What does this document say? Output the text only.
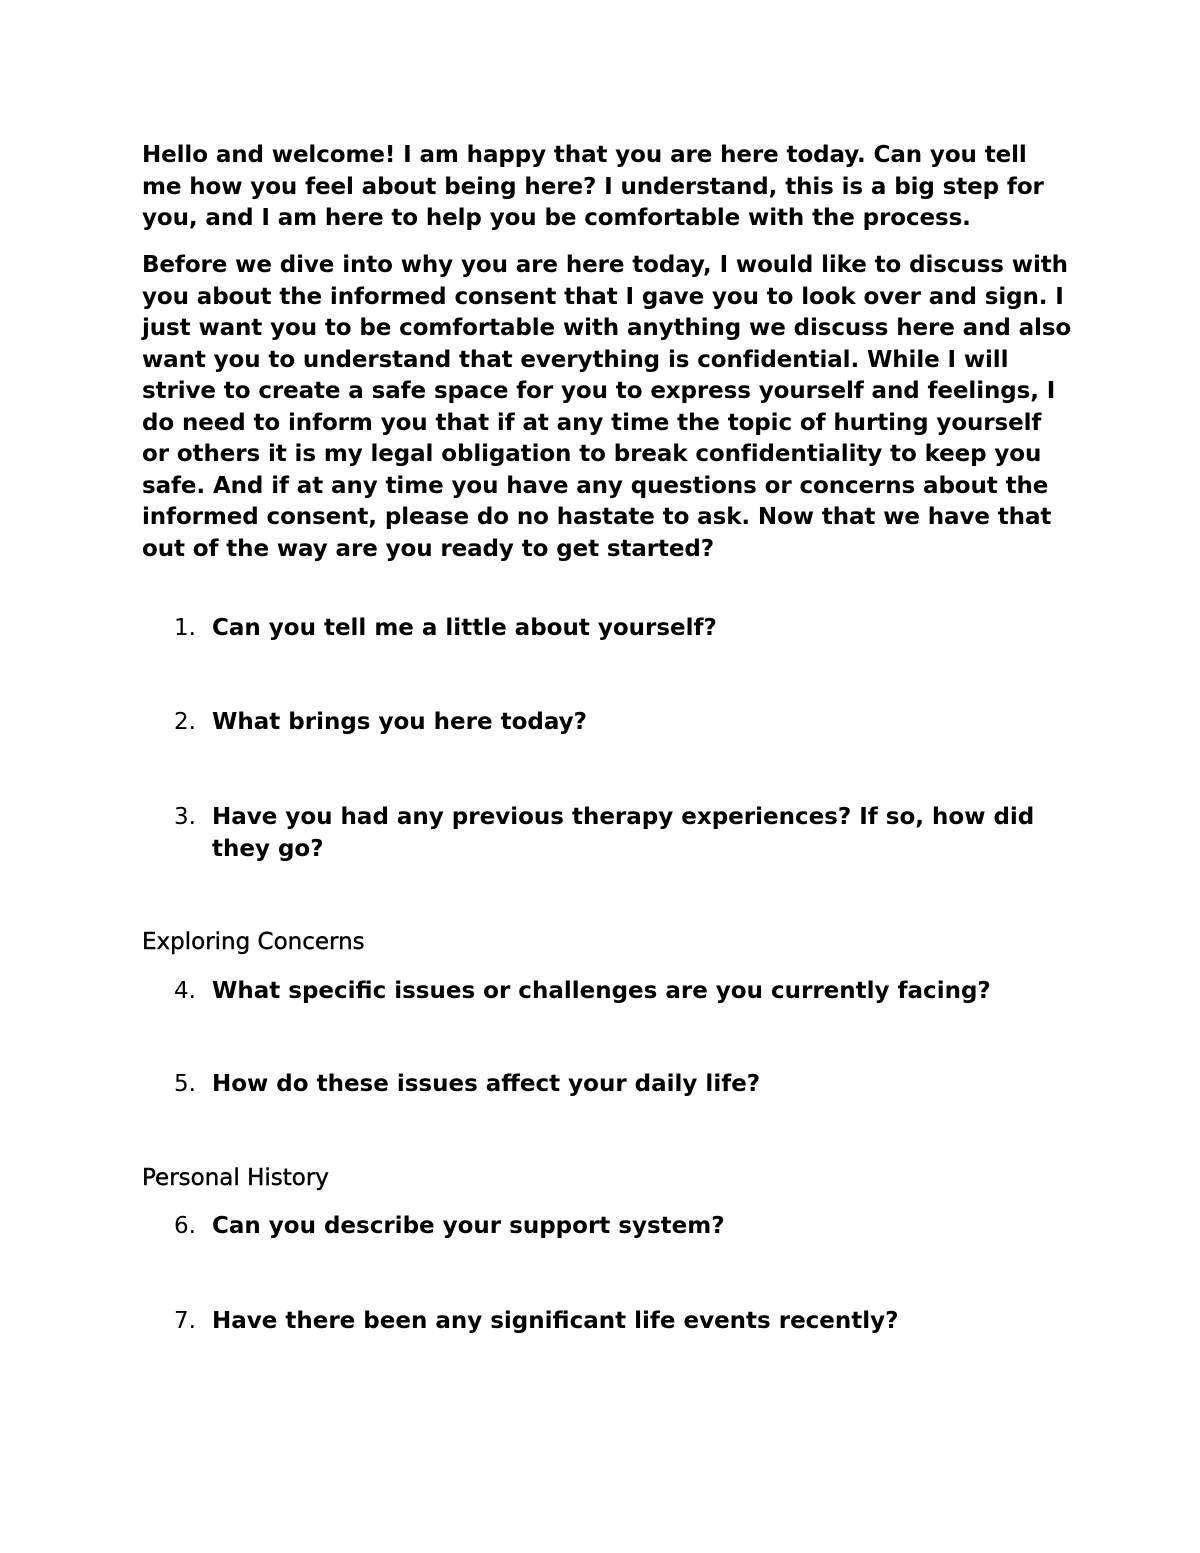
Hello and welcome! I am happy that you are here today. Can you tell me how you feel about being here? I understand, this is a big step for you, and I am here to help you be comfortable with the process.

Before we dive into why you are here today, I would like to discuss with you about the informed consent that I gave you to look over and sign. I just want you to be comfortable with anything we discuss here and also want you to understand that everything is confidential. While I will strive to create a safe space for you to express yourself and feelings, I do need to inform you that if at any time the topic of hurting yourself or others it is my legal obligation to break confidentiality to keep you safe. And if at any time you have any questions or concerns about the informed consent, please do no hastate to ask. Now that we have that out of the way are you ready to get started?

1. Can you tell me a little about yourself?
2. What brings you here today?
3. Have you had any previous therapy experiences? If so, how did they go?
Exploring Concerns
4. What specific issues or challenges are you currently facing?
5. How do these issues affect your daily life?
Personal History
6. Can you describe your support system?
7. Have there been any significant life events recently?
